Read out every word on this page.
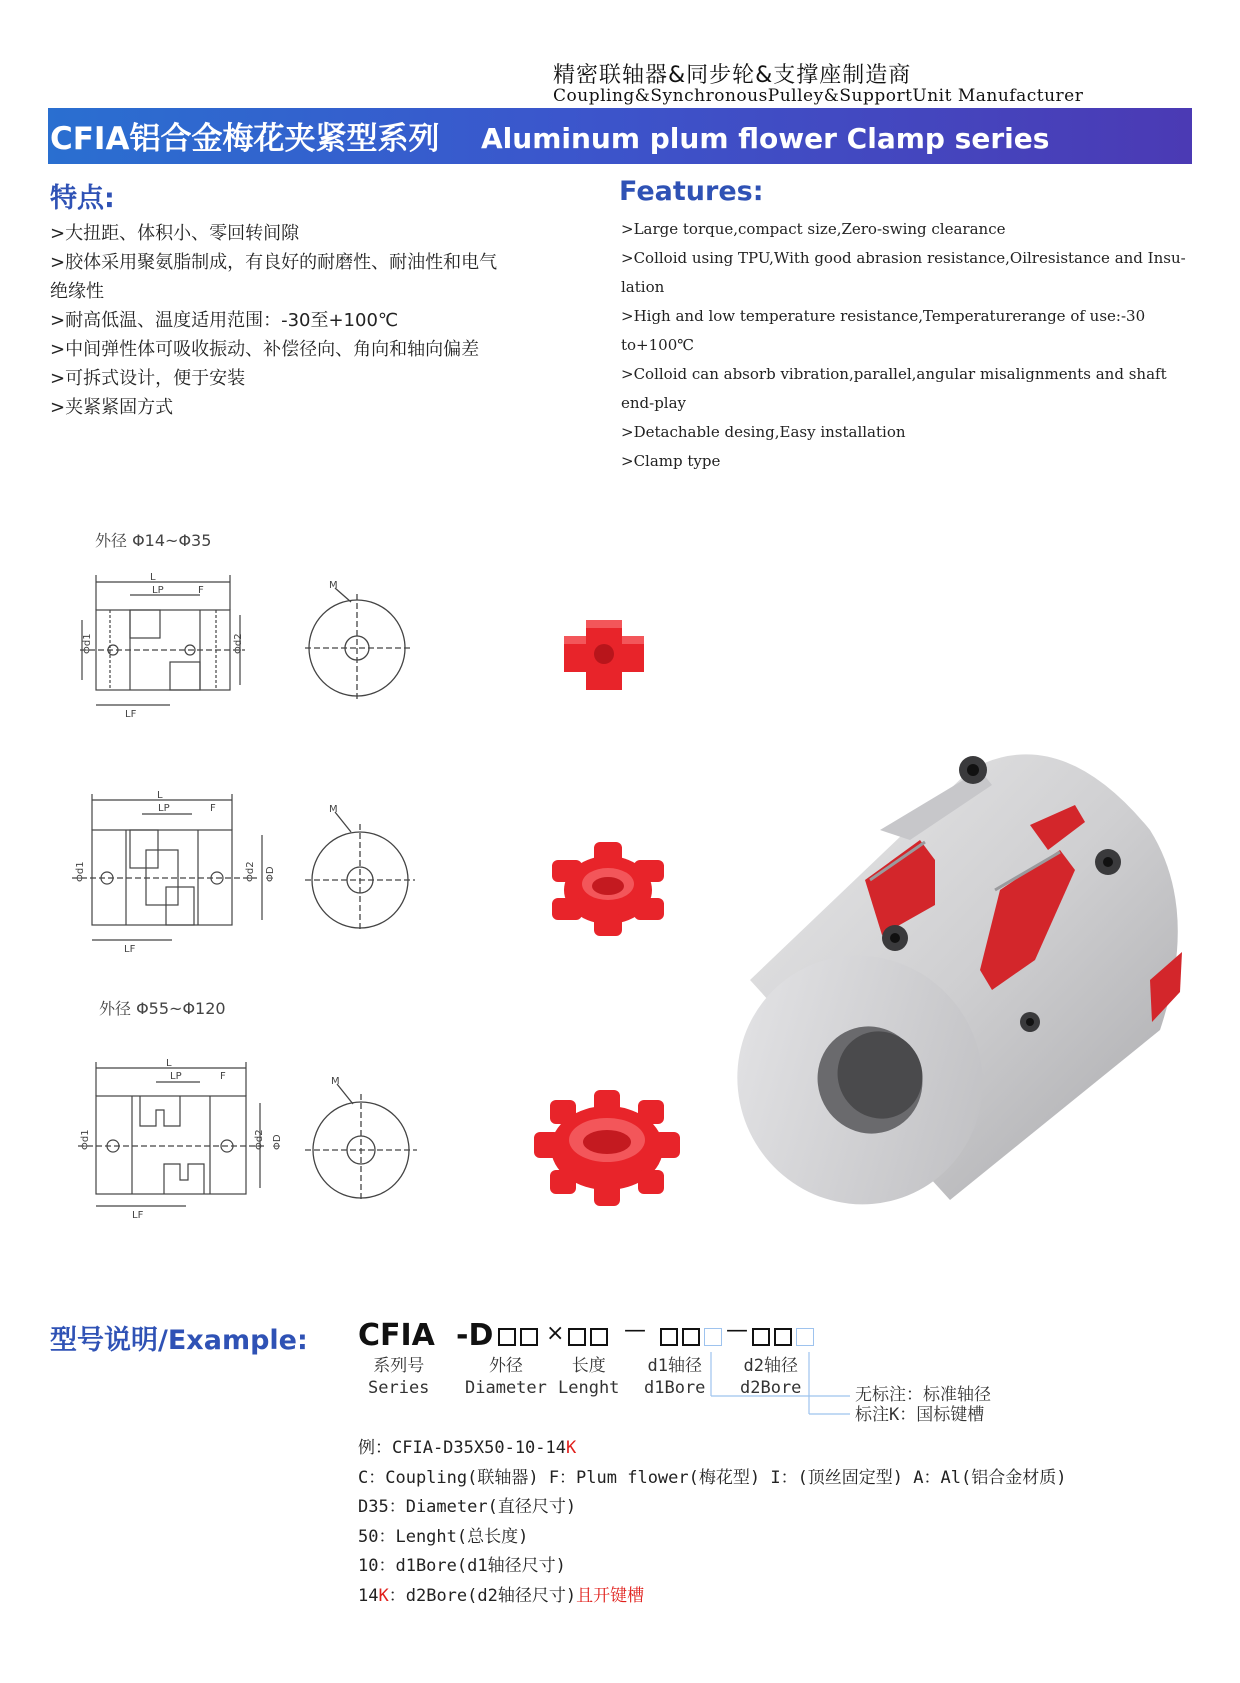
精密联轴器&同步轮&支撑座制造商
Coupling&SynchronousPulley&SupportUnit Manufacturer
CFIA铝合金梅花夹紧型系列 Aluminum plum flower Clamp series
特点:
>大扭距、体积小、零回转间隙
>胶体采用聚氨脂制成，有良好的耐磨性、耐油性和电气
绝缘性
>耐高低温、温度适用范围：-30至+100℃
>中间弹性体可吸收振动、补偿径向、角向和轴向偏差
>可拆式设计，便于安装
>夹紧紧固方式
Features:
>Large torque,compact size,Zero-swing clearance
>Colloid using TPU,With good abrasion resistance,Oilresistance and Insu-
lation
>High and low temperature resistance,Temperaturerange of use:-30
to+100℃
>Colloid can absorb vibration,parallel,angular misalignments and shaft
end-play
>Detachable desing,Easy installation
>Clamp type
外径 Φ14~Φ35
外径 Φ55~Φ120
L
LP	F
LF
Φd1	Φd2
M
L
LP	F
LF
Φd1	Φd2 ΦD
M
L
LP	F
LF
Φd1	Φd2 ΦD
M
型号说明/Example: CFIA -D ×	—	—
系列号
Series
外径
Diameter
长度
Lenght
d1轴径
d1Bore
d2轴径
d2Bore	无标注：标准轴径
标注K：国标键槽
例：CFIA-D35X50-10-14K
C：Coupling(联轴器) F：Plum flower(梅花型) I：(顶丝固定型) A：Al(铝合金材质)
D35：Diameter(直径尺寸)
50：Lenght(总长度)
10：d1Bore(d1轴径尺寸)
14K：d2Bore(d2轴径尺寸)且开键槽
